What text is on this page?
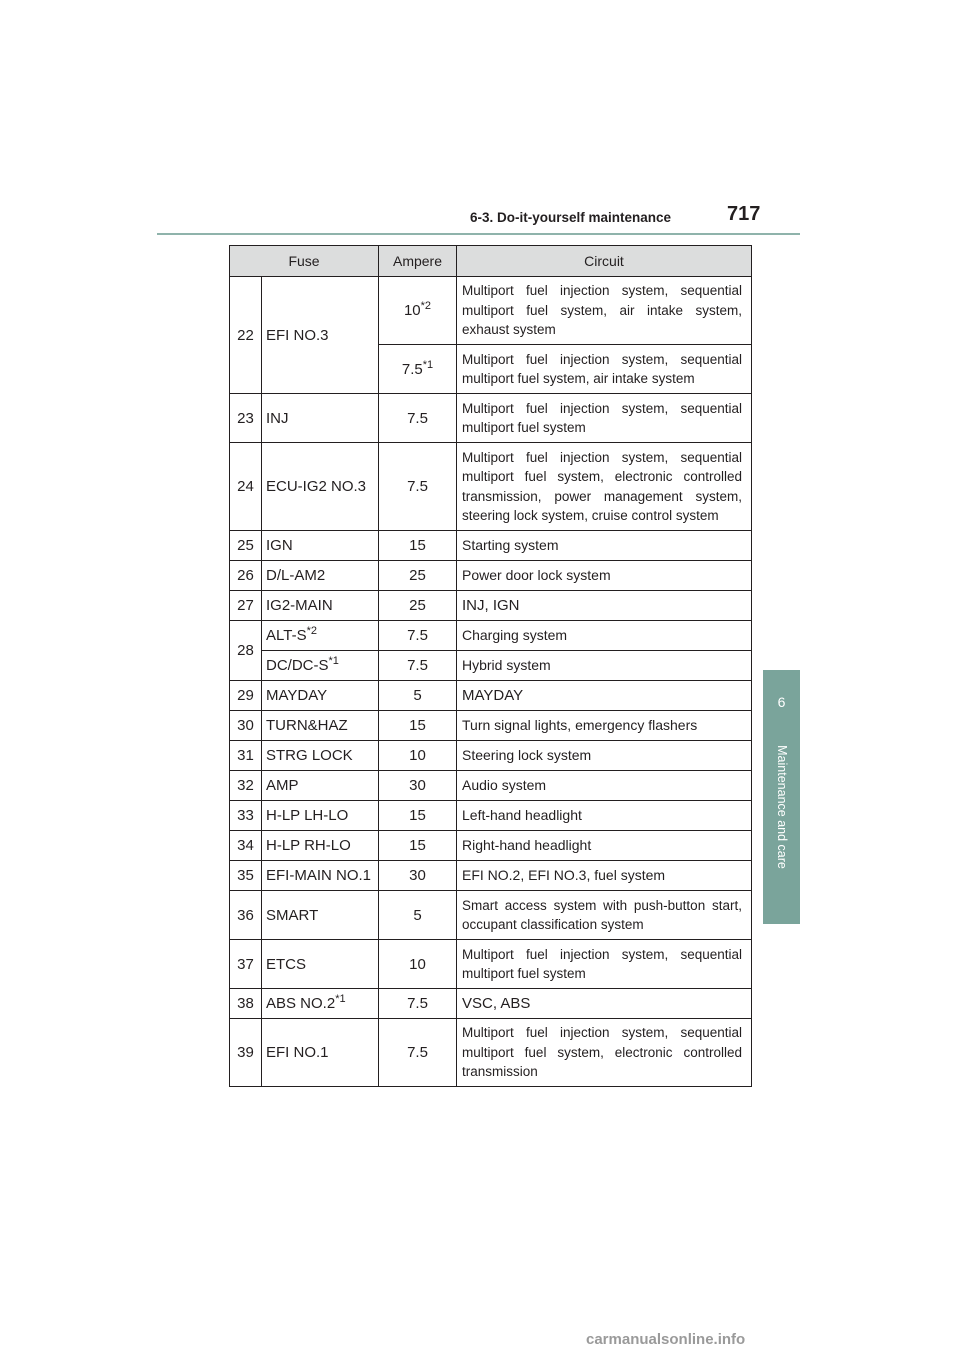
6-3. Do-it-yourself maintenance	717
6
Maintenance and care
Fuse		Ampere	Circuit
22	EFI NO.3	10$^{*2}$	Multiport fuel injection system, sequential multiport fuel system, air intake system, exhaust system
		7.5$^{*1}$	Multiport fuel injection system, sequential multiport fuel system, air intake system
23	INJ	7.5	Multiport fuel injection system, sequential multiport fuel system
24	ECU-IG2 NO.3	7.5	Multiport fuel injection system, sequential multiport fuel system, electronic controlled transmission, power management system, steering lock system, cruise control system
25	IGN	15	Starting system
26	D/L-AM2	25	Power door lock system
27	IG2-MAIN	25	INJ, IGN
28	ALT-$S^{*2}$	7.5	Charging system
	$DC/DC-S^{*1}$	7.5	Hybrid system
29	MAYDAY	5	MAYDAY
30	TURN&HAZ	15	Turn signal lights, emergency flashers
31	STRG LOCK	10	Steering lock system
32	AMP	30	Audio system
33	H-LP LH-LO	15	Left-hand headlight
34	H-LP RH-LO	15	Right-hand headlight
35	EFI-MAIN NO.1	30	EFI NO.2, EFI NO.3, fuel system
36	SMART	5	Smart access system with push-button start, occupant classification system
37	ETCS	10	Multiport fuel injection system, sequential multiport fuel system
38	ABS NO.2$^{*1}$	7.5	VSC, ABS
39	EFI NO.1	7.5	Multiport fuel injection system, sequential multiport fuel system, electronic controlled transmission
carmanualsonline.info
